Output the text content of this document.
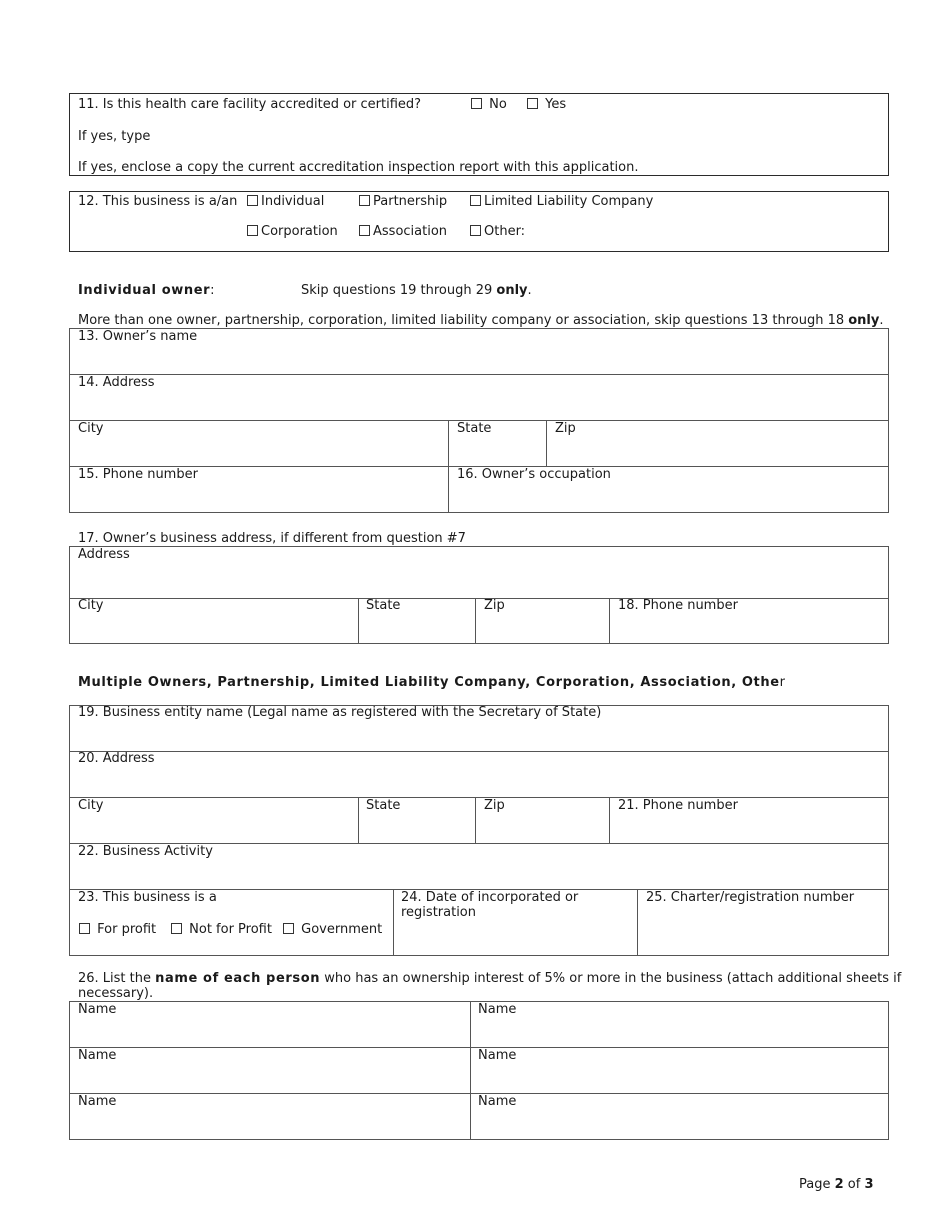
11. Is this health care facility accredited or certified?	No	Yes
If yes, type
If yes, enclose a copy the current accreditation inspection report with this application.
12. This business is a/an	Individual	Partnership	Limited Liability Company
Corporation	Association	Other:
Individual owner:	Skip questions 19 through 29 only.
More than one owner, partnership, corporation, limited liability company or association, skip questions 13 through 18 only.
13. Owner’s name
14. Address
City	State	Zip
15. Phone number	16. Owner’s occupation
17. Owner’s business address, if different from question #7
Address
City	State	Zip	18. Phone number
Multiple Owners, Partnership, Limited Liability Company, Corporation, Association, Other
19. Business entity name (Legal name as registered with the Secretary of State)
20. Address
City	State	Zip	21. Phone number
22. Business Activity
23. This business is a
For profit	Not for Profit	Government
24. Date of incorporated or
registration
25. Charter/registration number
26. List the name of each person who has an ownership interest of 5% or more in the business (attach additional sheets if
necessary).
Name	Name
Name	Name
Name	Name
Page 2 of 3
